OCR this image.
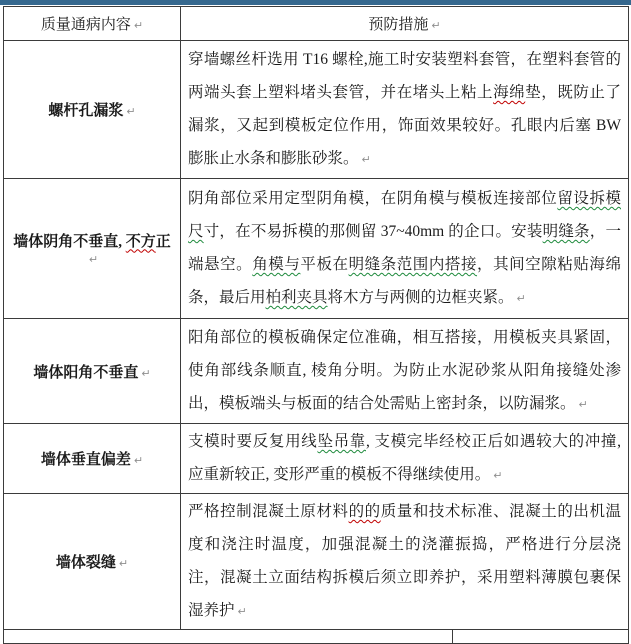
质量通病内容 ↵	预防措施 ↵	
螺杆孔漏浆 ↵	穿墙螺丝杆选用 T16 螺栓,施工时安装塑料套管，在塑料套管的两端头套上塑料堵头套管，并在堵头上粘上海绵垫，既防止了漏浆，又起到模板定位作用，饰面效果较好。孔眼内后塞 BW 膨胀止水条和膨胀砂浆。 ↵	
墙体阴角不垂直, 不方正↵	阴角部位采用定型阴角模，在阴角模与模板连接部位留设拆模尺寸，在不易拆模的那侧留 37~40mm 的企口。安装明缝条，一端悬空。角模与平板在明缝条范围内搭接，其间空隙粘贴海绵条，最后用柏利夹具将木方与两侧的边框夹紧。 ↵	
墙体阳角不垂直 ↵	阳角部位的模板确保定位准确，相互搭接，用模板夹具紧固，使角部线条顺直, 棱角分明。为防止水泥砂浆从阳角接缝处渗出，模板端头与板面的结合处需贴上密封条，以防漏浆。 ↵	
墙体垂直偏差 ↵	支模时要反复用线坠吊靠, 支模完毕经校正后如遇较大的冲撞, 应重新较正, 变形严重的模板不得继续使用。 ↵	
墙体裂缝 ↵	严格控制混凝土原材料的的质量和技术标准、混凝土的出机温度和浇注时温度，加强混凝土的浇灌振捣，严格进行分层浇注，混凝土立面结构拆模后须立即养护，采用塑料薄膜包裹保湿养护 ↵	
